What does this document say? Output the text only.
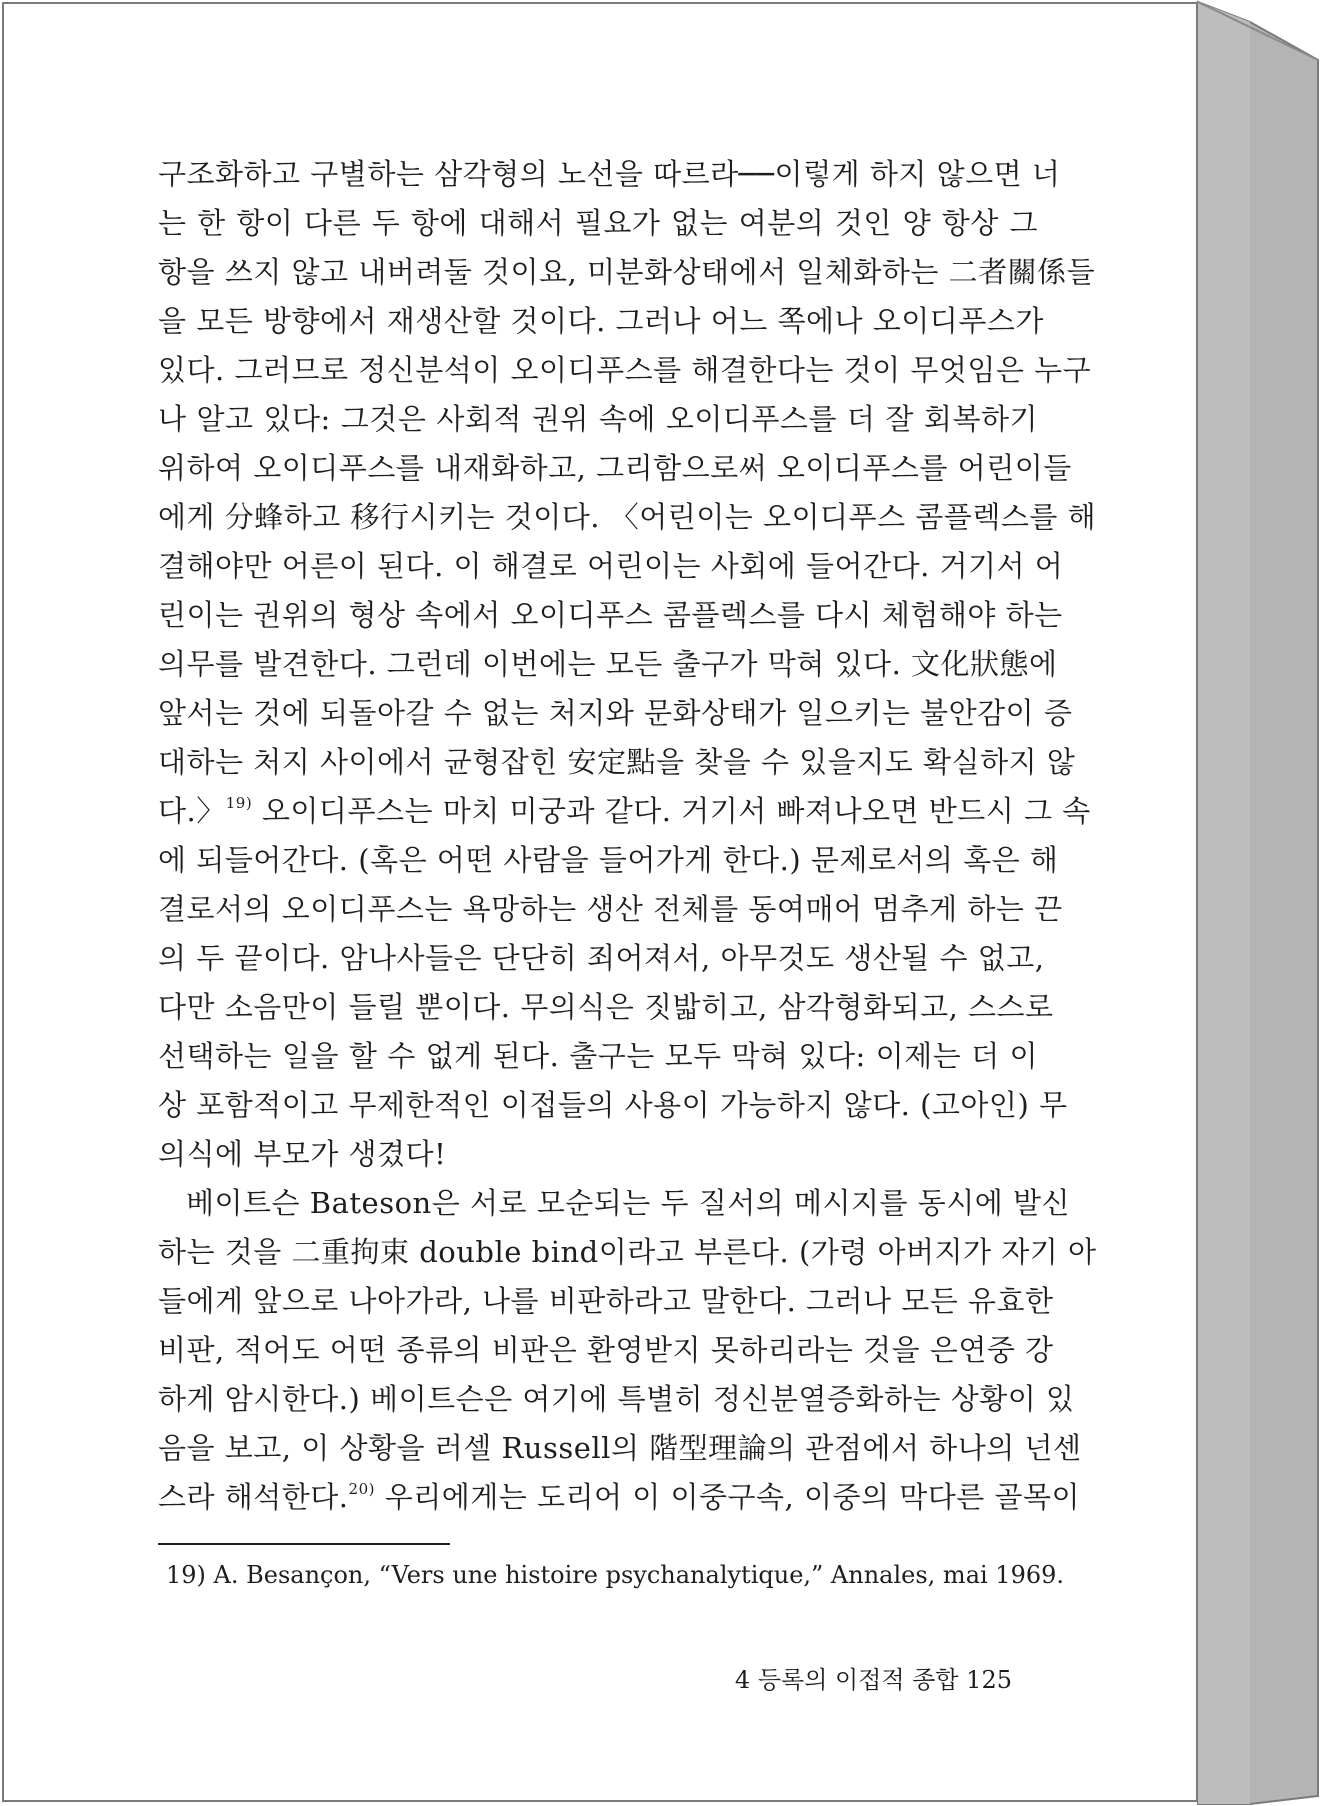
구조화하고 구별하는 삼각형의 노선을 따르라──이렇게 하지 않으면 너
는 한 항이 다른 두 항에 대해서 필요가 없는 여분의 것인 양 항상 그
항을 쓰지 않고 내버려둘 것이요, 미분화상태에서 일체화하는 二者關係들
을 모든 방향에서 재생산할 것이다. 그러나 어느 쪽에나 오이디푸스가
있다. 그러므로 정신분석이 오이디푸스를 해결한다는 것이 무엇임은 누구
나 알고 있다: 그것은 사회적 권위 속에 오이디푸스를 더 잘 회복하기
위하여 오이디푸스를 내재화하고, 그리함으로써 오이디푸스를 어린이들
에게 分蜂하고 移行시키는 것이다. 〈어린이는 오이디푸스 콤플렉스를 해
결해야만 어른이 된다. 이 해결로 어린이는 사회에 들어간다. 거기서 어
린이는 권위의 형상 속에서 오이디푸스 콤플렉스를 다시 체험해야 하는
의무를 발견한다. 그런데 이번에는 모든 출구가 막혀 있다. 文化狀態에
앞서는 것에 되돌아갈 수 없는 처지와 문화상태가 일으키는 불안감이 증
대하는 처지 사이에서 균형잡힌 安定點을 찾을 수 있을지도 확실하지 않
다.〉$^{19)}$ 오이디푸스는 마치 미궁과 같다. 거기서 빠져나오면 반드시 그 속
에 되들어간다. (혹은 어떤 사람을 들어가게 한다.) 문제로서의 혹은 해
결로서의 오이디푸스는 욕망하는 생산 전체를 동여매어 멈추게 하는 끈
의 두 끝이다. 암나사들은 단단히 죄어져서, 아무것도 생산될 수 없고,
다만 소음만이 들릴 뿐이다. 무의식은 짓밟히고, 삼각형화되고, 스스로
선택하는 일을 할 수 없게 된다. 출구는 모두 막혀 있다: 이제는 더 이
상 포함적이고 무제한적인 이접들의 사용이 가능하지 않다. (고아인) 무
의식에 부모가 생겼다!
베이트슨 Bateson은 서로 모순되는 두 질서의 메시지를 동시에 발신
하는 것을 二重拘束 double bind이라고 부른다. (가령 아버지가 자기 아
들에게 앞으로 나아가라, 나를 비판하라고 말한다. 그러나 모든 유효한
비판, 적어도 어떤 종류의 비판은 환영받지 못하리라는 것을 은연중 강
하게 암시한다.) 베이트슨은 여기에 특별히 정신분열증화하는 상황이 있
음을 보고, 이 상황을 러셀 Russell의 階型理論의 관점에서 하나의 넌센
스라 해석한다.$^{20)}$ 우리에게는 도리어 이 이중구속, 이중의 막다른 골목이
19) A. Besançon, “Vers une histoire psychanalytique,” Annales, mai 1969.
4 등록의 이접적 종합 125
